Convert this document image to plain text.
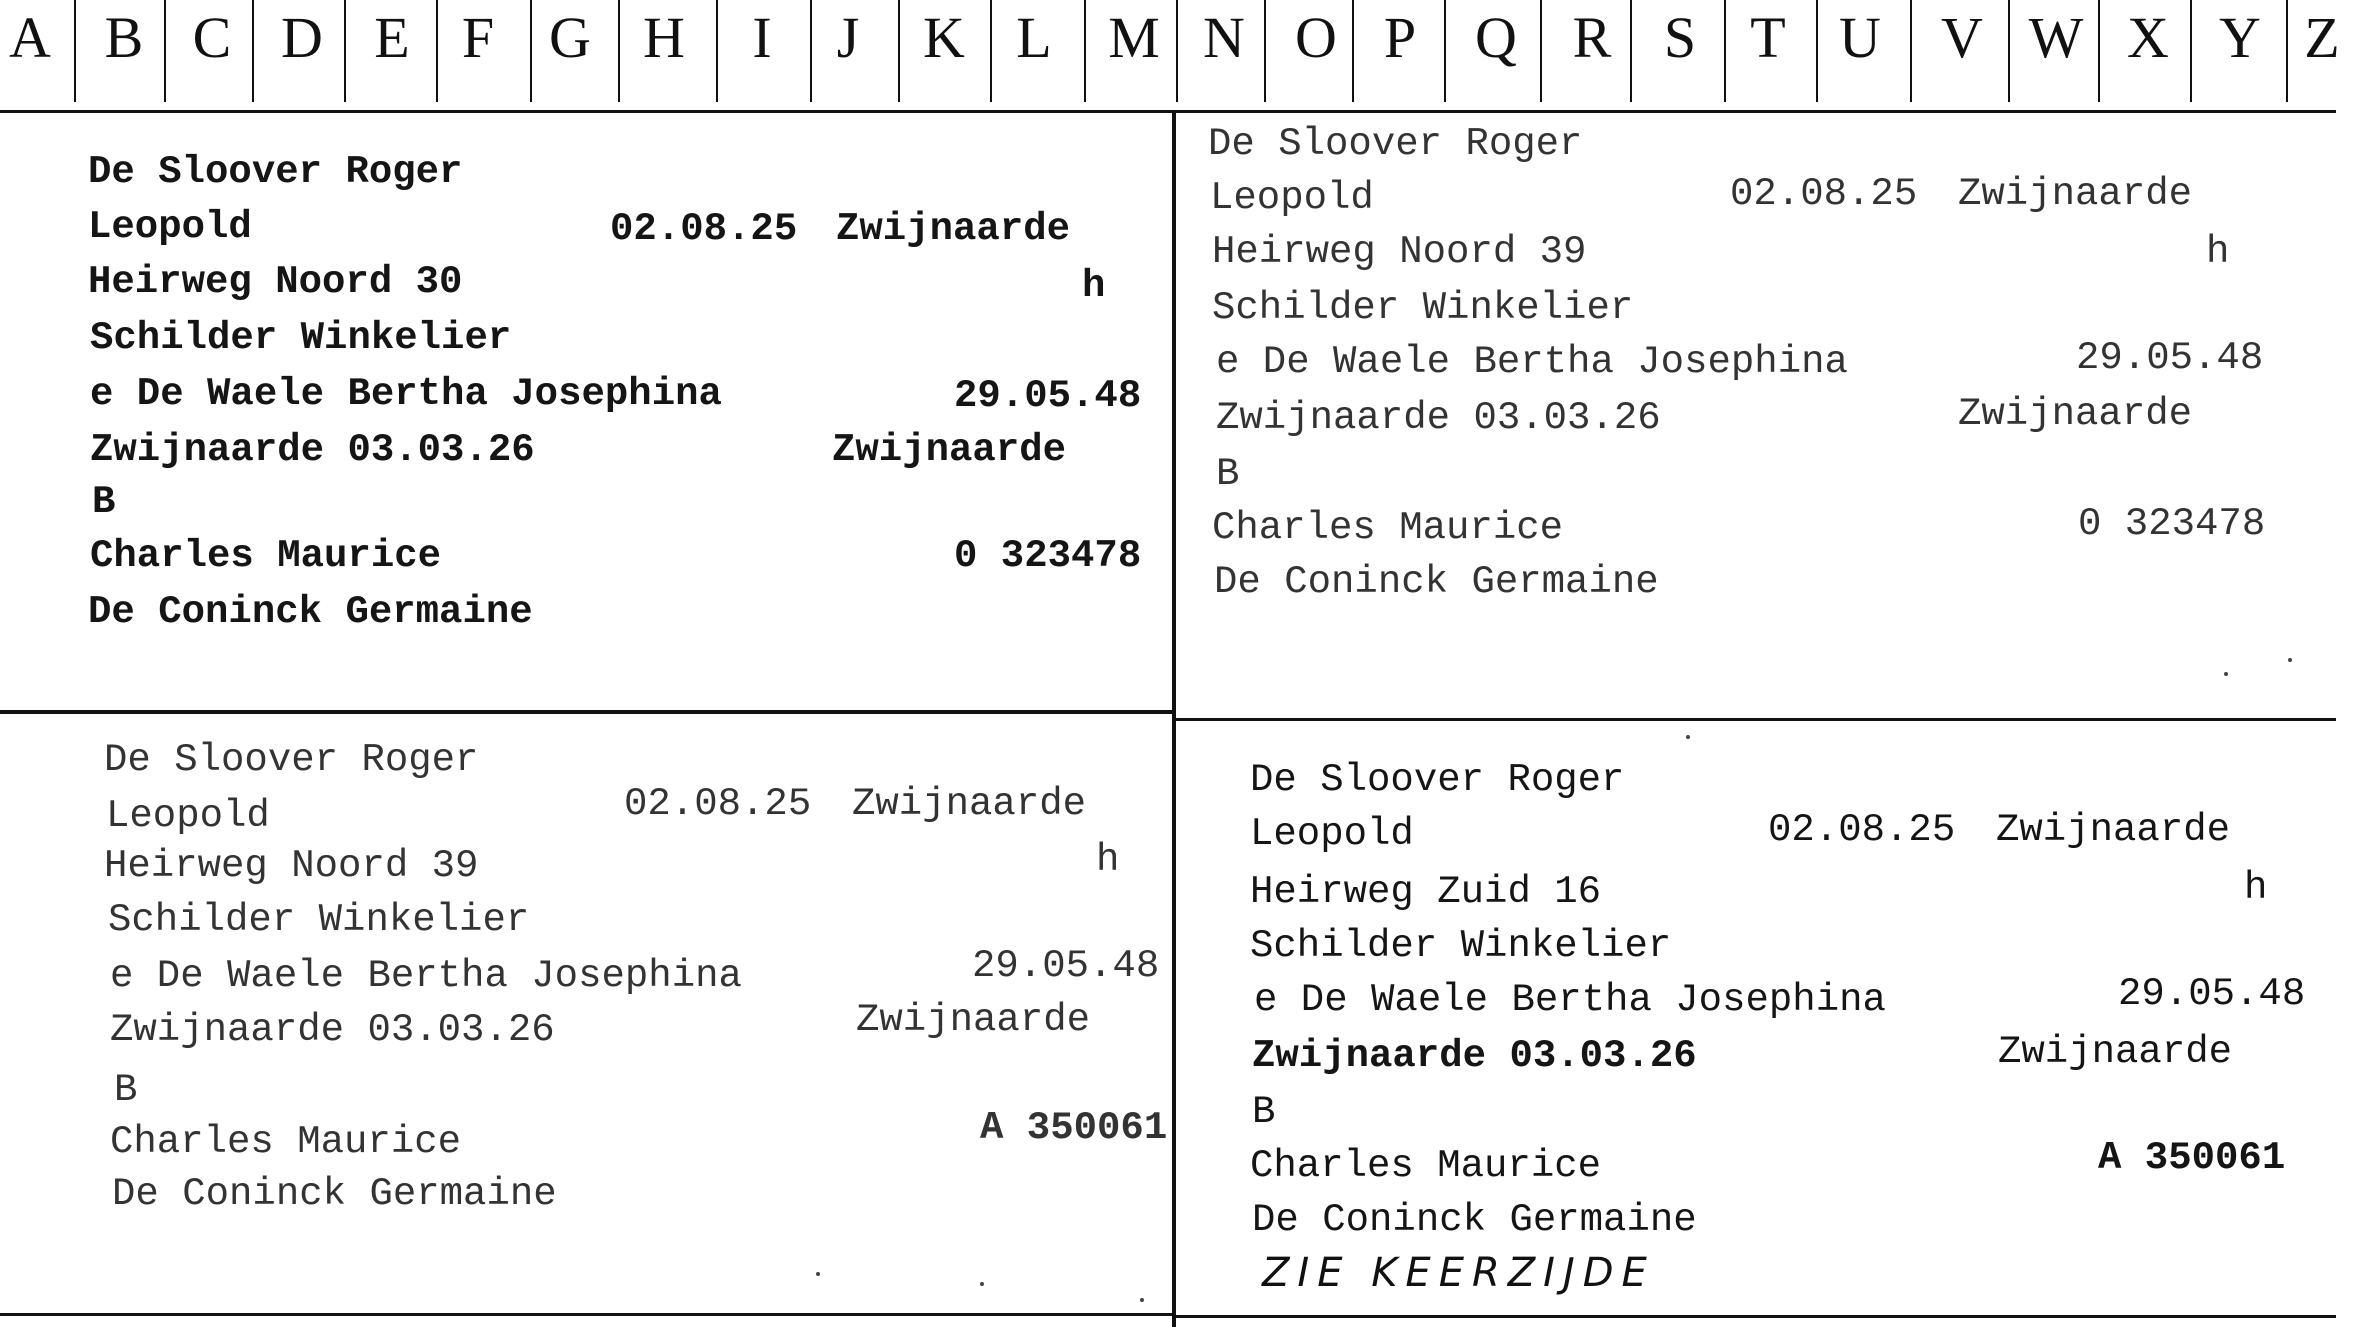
A B C D E F G H	I	J	K L M N O P	Q R S T U	V W X Y Z
De Sloover Roger
Leopold	02.08.25 Zwijnaarde
Heirweg Noord 30	h
Schilder Winkelier
e De Waele Bertha Josephina	29.05.48
Zwijnaarde 03.03.26	Zwijnaarde
B
Charles Maurice	0 323478
De Coninck Germaine
De Sloover Roger
Leopold	02.08.25 Zwijnaarde
Heirweg Noord 39	h
Schilder Winkelier
e De Waele Bertha Josephina	29.05.48
Zwijnaarde 03.03.26	Zwijnaarde
B
Charles Maurice	0 323478
De Coninck Germaine
De Sloover Roger
Leopold	02.08.25 Zwijnaarde
Heirweg Noord 39	h
Schilder Winkelier
e De Waele Bertha Josephina	29.05.48
Zwijnaarde 03.03.26	Zwijnaarde
B
Charles Maurice	A 350061
De Coninck Germaine
De Sloover Roger
Leopold	02.08.25 Zwijnaarde
Heirweg Zuid 16	h
Schilder Winkelier
e De Waele Bertha Josephina	29.05.48
Zwijnaarde 03.03.26	Zwijnaarde
B
Charles Maurice	A 350061
De Coninck Germaine
ZIE KEERZIJDE
